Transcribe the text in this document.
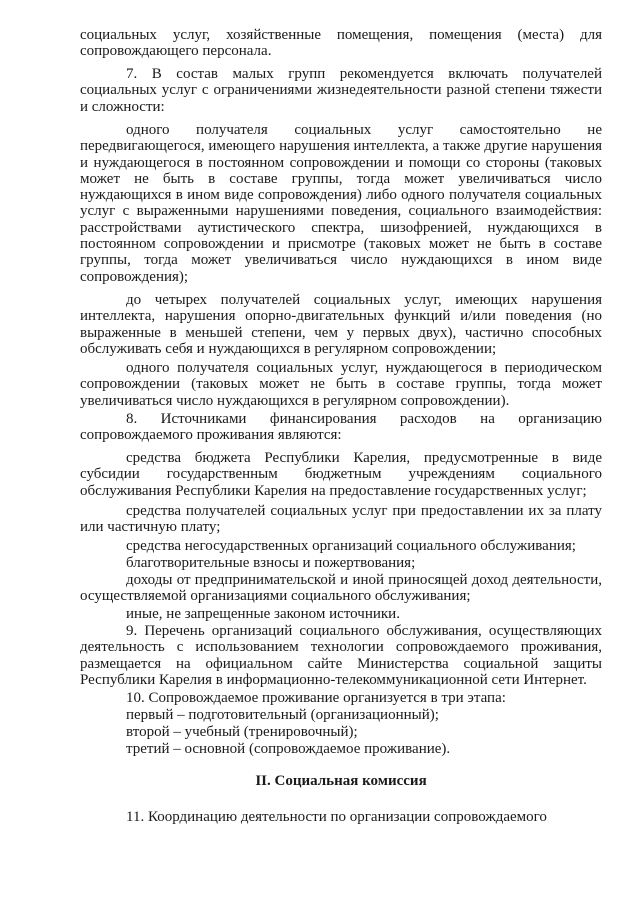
социальных услуг, хозяйственные помещения, помещения (места) для сопровождающего персонала.

7. В состав малых групп рекомендуется включать получателей социальных услуг с ограничениями жизнедеятельности разной степени тяжести и сложности:

одного получателя социальных услуг самостоятельно не передвигающегося, имеющего нарушения интеллекта, а также другие нарушения и нуждающегося в постоянном сопровождении и помощи со стороны (таковых может не быть в составе группы, тогда может увеличиваться число нуждающихся в ином виде сопровождения) либо одного получателя социальных услуг с выраженными нарушениями поведения, социального взаимодействия: расстройствами аутистического спектра, шизофренией, нуждающихся в постоянном сопровождении и присмотре (таковых может не быть в составе группы, тогда может увеличиваться число нуждающихся в ином виде сопровождения);

до четырех получателей социальных услуг, имеющих нарушения интеллекта, нарушения опорно-двигательных функций и/или поведения (но выраженные в меньшей степени, чем у первых двух), частично способных обслуживать себя и нуждающихся в регулярном сопровождении;

одного получателя социальных услуг, нуждающегося в периодическом сопровождении (таковых может не быть в составе группы, тогда может увеличиваться число нуждающихся в регулярном сопровождении).

8. Источниками финансирования расходов на организацию сопровождаемого проживания являются:

средства бюджета Республики Карелия, предусмотренные в виде субсидии государственным бюджетным учреждениям социального обслуживания Республики Карелия на предоставление государственных услуг;

средства получателей социальных услуг при предоставлении их за плату или частичную плату;

средства негосударственных организаций социального обслуживания;

благотворительные взносы и пожертвования;

доходы от предпринимательской и иной приносящей доход деятельности, осуществляемой организациями социального обслуживания;

иные, не запрещенные законом источники.

9. Перечень организаций социального обслуживания, осуществляющих деятельность с использованием технологии сопровождаемого проживания, размещается на официальном сайте Министерства социальной защиты Республики Карелия в информационно-телекоммуникационной сети Интернет.

10. Сопровождаемое проживание организуется в три этапа:

первый – подготовительный (организационный);

второй – учебный (тренировочный);

третий – основной (сопровождаемое проживание).

II. Социальная комиссия

11. Координацию деятельности по организации сопровождаемого
